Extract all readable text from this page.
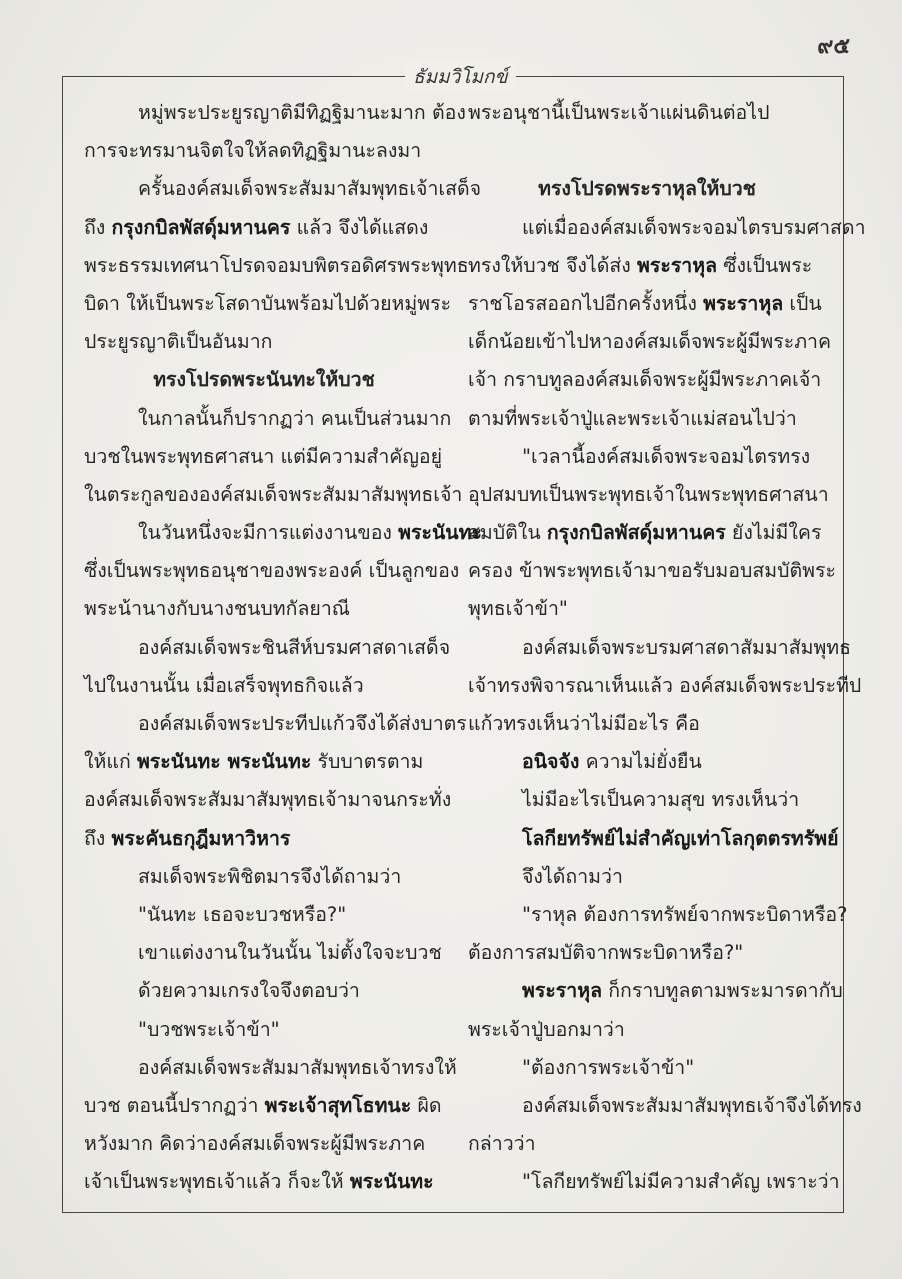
๙๕
ธัมมวิโมกข์
หมู่พระประยูรญาติมีทิฏฐิมานะมาก ต้อง
การจะทรมานจิตใจให้ลดทิฏฐิมานะลงมา
ครั้นองค์สมเด็จพระสัมมาสัมพุทธเจ้าเสด็จ
ถึง กรุงกบิลพัสดุ์มหานคร แล้ว จึงได้แสดง
พระธรรมเทศนาโปรดจอมบพิตรอดิศรพระพุทธ
บิดา ให้เป็นพระโสดาบันพร้อมไปด้วยหมู่พระ
ประยูรญาติเป็นอันมาก
ทรงโปรดพระนันทะให้บวช
ในกาลนั้นก็ปรากฏว่า คนเป็นส่วนมาก
บวชในพระพุทธศาสนา แต่มีความสำคัญอยู่
ในตระกูลขององค์สมเด็จพระสัมมาสัมพุทธเจ้า
ในวันหนึ่งจะมีการแต่งงานของ พระนันทะ
ซึ่งเป็นพระพุทธอนุชาของพระองค์ เป็นลูกของ
พระน้านางกับนางชนบทกัลยาณี
องค์สมเด็จพระชินสีห์บรมศาสดาเสด็จ
ไปในงานนั้น เมื่อเสร็จพุทธกิจแล้ว
องค์สมเด็จพระประทีปแก้วจึงได้ส่งบาตร
ให้แก่ พระนันทะ พระนันทะ รับบาตรตาม
องค์สมเด็จพระสัมมาสัมพุทธเจ้ามาจนกระทั่ง
ถึง พระคันธกุฎีมหาวิหาร
สมเด็จพระพิชิตมารจึงได้ถามว่า
"นันทะ เธอจะบวชหรือ?"
เขาแต่งงานในวันนั้น ไม่ตั้งใจจะบวช
ด้วยความเกรงใจจึงตอบว่า
"บวชพระเจ้าข้า"
องค์สมเด็จพระสัมมาสัมพุทธเจ้าทรงให้
บวช ตอนนี้ปรากฏว่า พระเจ้าสุทโธทนะ ผิด
หวังมาก คิดว่าองค์สมเด็จพระผู้มีพระภาค
เจ้าเป็นพระพุทธเจ้าแล้ว ก็จะให้ พระนันทะ
พระอนุชานี้เป็นพระเจ้าแผ่นดินต่อไป
ทรงโปรดพระราหุลให้บวช
แต่เมื่อองค์สมเด็จพระจอมไตรบรมศาสดา
ทรงให้บวช จึงได้ส่ง พระราหุล ซึ่งเป็นพระ
ราชโอรสออกไปอีกครั้งหนึ่ง พระราหุล เป็น
เด็กน้อยเข้าไปหาองค์สมเด็จพระผู้มีพระภาค
เจ้า กราบทูลองค์สมเด็จพระผู้มีพระภาคเจ้า
ตามที่พระเจ้าปู่และพระเจ้าแม่สอนไปว่า
"เวลานี้องค์สมเด็จพระจอมไตรทรง
อุปสมบทเป็นพระพุทธเจ้าในพระพุทธศาสนา
สมบัติใน กรุงกบิลพัสดุ์มหานคร ยังไม่มีใคร
ครอง ข้าพระพุทธเจ้ามาขอรับมอบสมบัติพระ
พุทธเจ้าข้า"
องค์สมเด็จพระบรมศาสดาสัมมาสัมพุทธ
เจ้าทรงพิจารณาเห็นแล้ว องค์สมเด็จพระประทีป
แก้วทรงเห็นว่าไม่มีอะไร คือ
อนิจจัง ความไม่ยั่งยืน
ไม่มีอะไรเป็นความสุข ทรงเห็นว่า
โลกียทรัพย์ไม่สำคัญเท่าโลกุตตรทรัพย์
จึงได้ถามว่า
"ราหุล ต้องการทรัพย์จากพระบิดาหรือ?
ต้องการสมบัติจากพระบิดาหรือ?"
พระราหุล ก็กราบทูลตามพระมารดากับ
พระเจ้าปู่บอกมาว่า
"ต้องการพระเจ้าข้า"
องค์สมเด็จพระสัมมาสัมพุทธเจ้าจึงได้ทรง
กล่าวว่า
"โลกียทรัพย์ไม่มีความสำคัญ เพราะว่า
